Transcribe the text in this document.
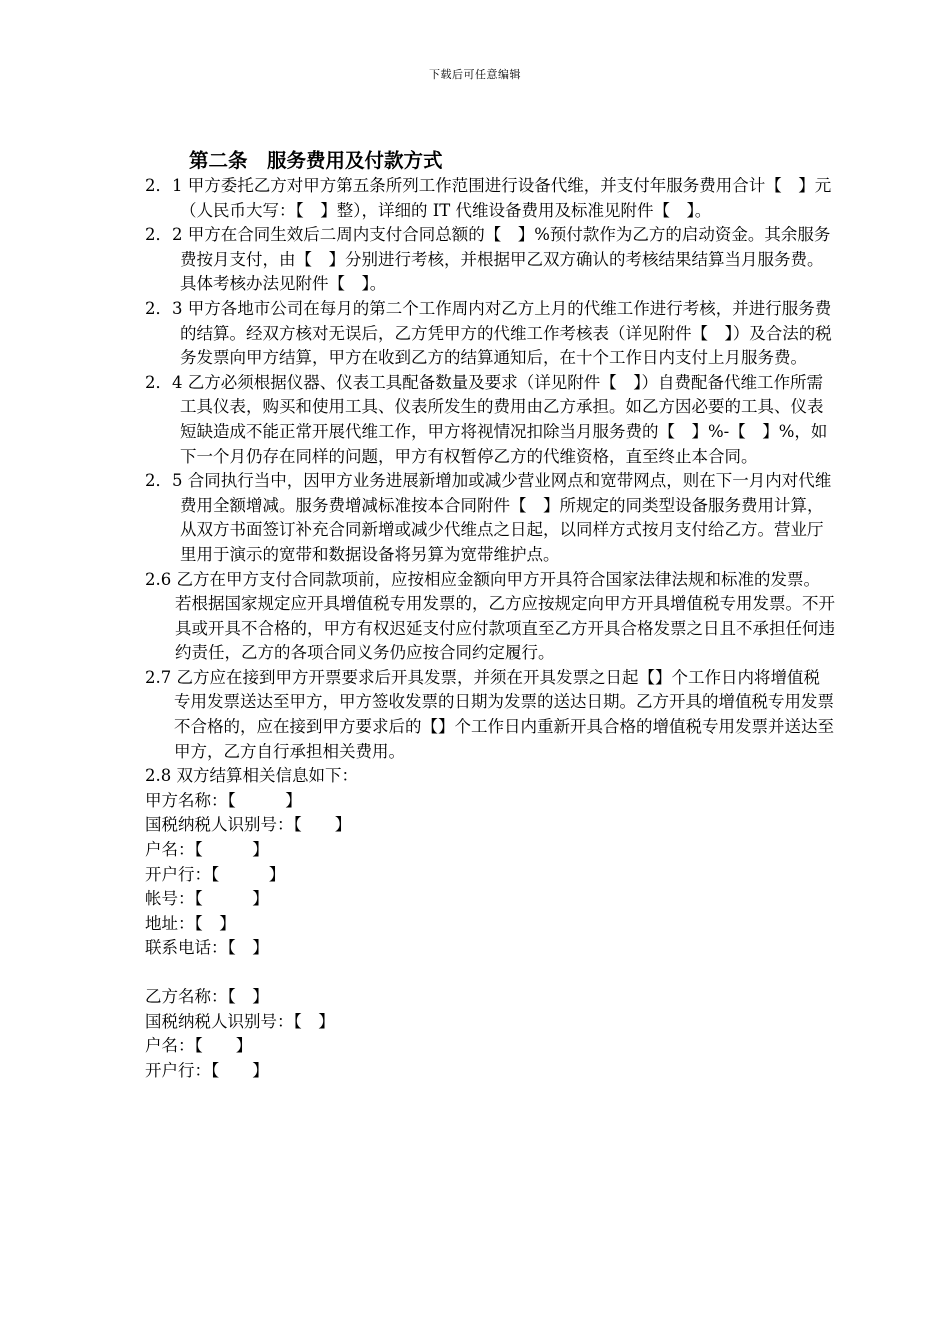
下载后可任意编辑
第二条　服务费用及付款方式
2．1 甲方委托乙方对甲方第五条所列工作范围进行设备代维，并支付年服务费用合计【　】元（人民币大写：【　】整），详细的 IT 代维设备费用及标准见附件【　】。
2．2 甲方在合同生效后二周内支付合同总额的【　】%预付款作为乙方的启动资金。其余服务费按月支付，由【　】分别进行考核，并根据甲乙双方确认的考核结果结算当月服务费。具体考核办法见附件【　】。
2．3 甲方各地市公司在每月的第二个工作周内对乙方上月的代维工作进行考核，并进行服务费的结算。经双方核对无误后，乙方凭甲方的代维工作考核表（详见附件【　】）及合法的税务发票向甲方结算，甲方在收到乙方的结算通知后，在十个工作日内支付上月服务费。
2．4 乙方必须根据仪器、仪表工具配备数量及要求（详见附件【　】）自费配备代维工作所需工具仪表，购买和使用工具、仪表所发生的费用由乙方承担。如乙方因必要的工具、仪表短缺造成不能正常开展代维工作，甲方将视情况扣除当月服务费的【　】%-【　】%，如下一个月仍存在同样的问题，甲方有权暂停乙方的代维资格，直至终止本合同。
2．5 合同执行当中，因甲方业务进展新增加或减少营业网点和宽带网点，则在下一月内对代维费用全额增减。服务费增减标准按本合同附件【　】所规定的同类型设备服务费用计算，从双方书面签订补充合同新增或减少代维点之日起，以同样方式按月支付给乙方。营业厅里用于演示的宽带和数据设备将另算为宽带维护点。
2.6 乙方在甲方支付合同款项前，应按相应金额向甲方开具符合国家法律法规和标准的发票。若根据国家规定应开具增值税专用发票的，乙方应按规定向甲方开具增值税专用发票。不开具或开具不合格的，甲方有权迟延支付应付款项直至乙方开具合格发票之日且不承担任何违约责任，乙方的各项合同义务仍应按合同约定履行。
2.7 乙方应在接到甲方开票要求后开具发票，并须在开具发票之日起【】个工作日内将增值税专用发票送达至甲方，甲方签收发票的日期为发票的送达日期。乙方开具的增值税专用发票不合格的，应在接到甲方要求后的【】个工作日内重新开具合格的增值税专用发票并送达至甲方，乙方自行承担相关费用。
2.8 双方结算相关信息如下：
甲方名称：【　　　】
国税纳税人识别号：【　　】
户名：【　　　】
开户行：【　　　】
帐号：【　　　】
地址：【　】
联系电话：【　】
乙方名称：【　】
国税纳税人识别号：【　】
户名：【　　】
开户行：【　　】
